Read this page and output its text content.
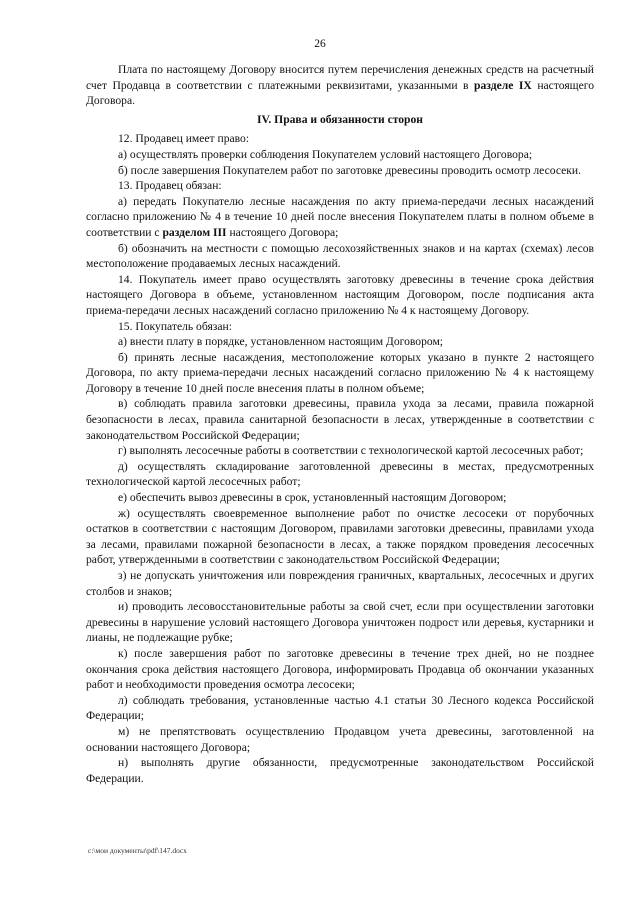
26

Плата по настоящему Договору вносится путем перечисления денежных средств на расчетный счет Продавца в соответствии с платежными реквизитами, указанными в разделе IX настоящего Договора.

IV. Права и обязанности сторон

12. Продавец имеет право:

а) осуществлять проверки соблюдения Покупателем условий настоящего Договора;

б) после завершения Покупателем работ по заготовке древесины проводить осмотр лесосеки.

13. Продавец обязан:

а) передать Покупателю лесные насаждения по акту приема-передачи лесных насаждений согласно приложению № 4 в течение 10 дней после внесения Покупателем платы в полном объеме в соответствии с разделом III настоящего Договора;

б) обозначить на местности с помощью лесохозяйственных знаков и на картах (схемах) лесов местоположение продаваемых лесных насаждений.

14. Покупатель имеет право осуществлять заготовку древесины в течение срока действия настоящего Договора в объеме, установленном настоящим Договором, после подписания акта приема-передачи лесных насаждений согласно приложению № 4 к настоящему Договору.

15. Покупатель обязан:

а) внести плату в порядке, установленном настоящим Договором;

б) принять лесные насаждения, местоположение которых указано в пункте 2 настоящего Договора, по акту приема-передачи лесных насаждений согласно приложению № 4 к настоящему Договору в течение 10 дней после внесения платы в полном объеме;

в) соблюдать правила заготовки древесины, правила ухода за лесами, правила пожарной безопасности в лесах, правила санитарной безопасности в лесах, утвержденные в соответствии с законодательством Российской Федерации;

г) выполнять лесосечные работы в соответствии с технологической картой лесосечных работ;

д) осуществлять складирование заготовленной древесины в местах, предусмотренных технологической картой лесосечных работ;

е) обеспечить вывоз древесины в срок, установленный настоящим Договором;

ж) осуществлять своевременное выполнение работ по очистке лесосеки от порубочных остатков в соответствии с настоящим Договором, правилами заготовки древесины, правилами ухода за лесами, правилами пожарной безопасности в лесах, а также порядком проведения лесосечных работ, утвержденными в соответствии с законодательством Российской Федерации;

з) не допускать уничтожения или повреждения граничных, квартальных, лесосечных и других столбов и знаков;

и) проводить лесовосстановительные работы за свой счет, если при осуществлении заготовки древесины в нарушение условий настоящего Договора уничтожен подрост или деревья, кустарники и лианы, не подлежащие рубке;

к) после завершения работ по заготовке древесины в течение трех дней, но не позднее окончания срока действия настоящего Договора, информировать Продавца об окончании указанных работ и необходимости проведения осмотра лесосеки;

л) соблюдать требования, установленные частью 4.1 статьи 30 Лесного кодекса Российской Федерации;

м) не препятствовать осуществлению Продавцом учета древесины, заготовленной на основании настоящего Договора;

н) выполнять другие обязанности, предусмотренные законодательством Российской Федерации.

c:\мои документы\pdf\147.docx
